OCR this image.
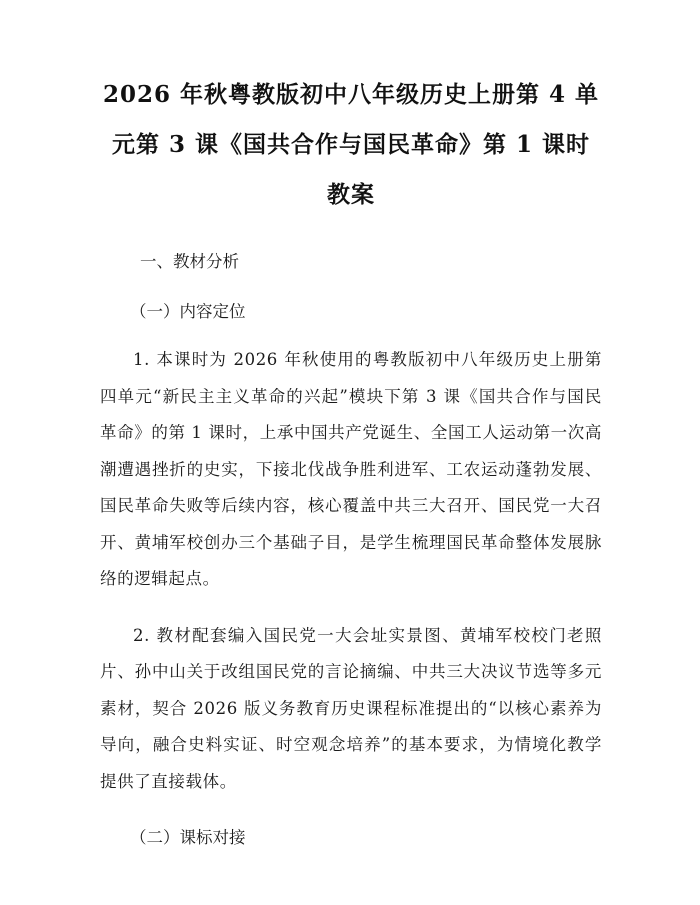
2026 年秋粤教版初中八年级历史上册第 4 单
元第 3 课《国共合作与国民革命》第 1 课时
教案
一、教材分析
（一）内容定位

1. 本课时为 2026 年秋使用的粤教版初中八年级历史上册第四单元“新民主主义革命的兴起”模块下第 3 课《国共合作与国民革命》的第 1 课时，上承中国共产党诞生、全国工人运动第一次高潮遭遇挫折的史实，下接北伐战争胜利进军、工农运动蓬勃发展、国民革命失败等后续内容，核心覆盖中共三大召开、国民党一大召开、黄埔军校创办三个基础子目，是学生梳理国民革命整体发展脉络的逻辑起点。

2. 教材配套编入国民党一大会址实景图、黄埔军校校门老照片、孙中山关于改组国民党的言论摘编、中共三大决议节选等多元素材，契合 2026 版义务教育历史课程标准提出的“以核心素养为导向，融合史料实证、时空观念培养”的基本要求，为情境化教学提供了直接载体。

（二）课标对接
